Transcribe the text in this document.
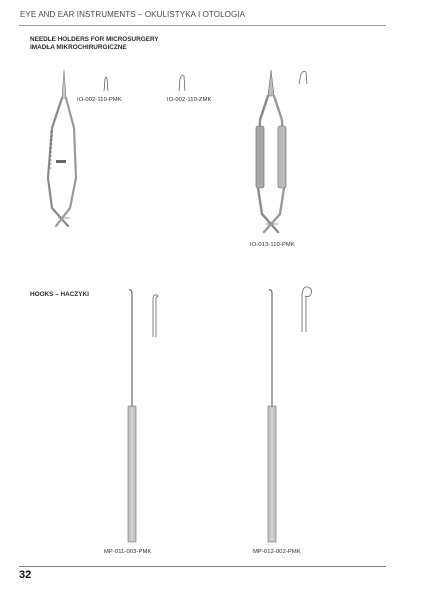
EYE AND EAR INSTRUMENTS – OKULISTYKA I OTOLOGIA
NEEDLE HOLDERS FOR MICROSURGERY
IMADŁA MIKROCHIRURGICZNE
IO-002-110-PMK	IO-002-110-ZMK
IO-013-110-PMK
HOOKS – HACZYKI
MP-011-003-PMK	MP-012-002-PMK
32
